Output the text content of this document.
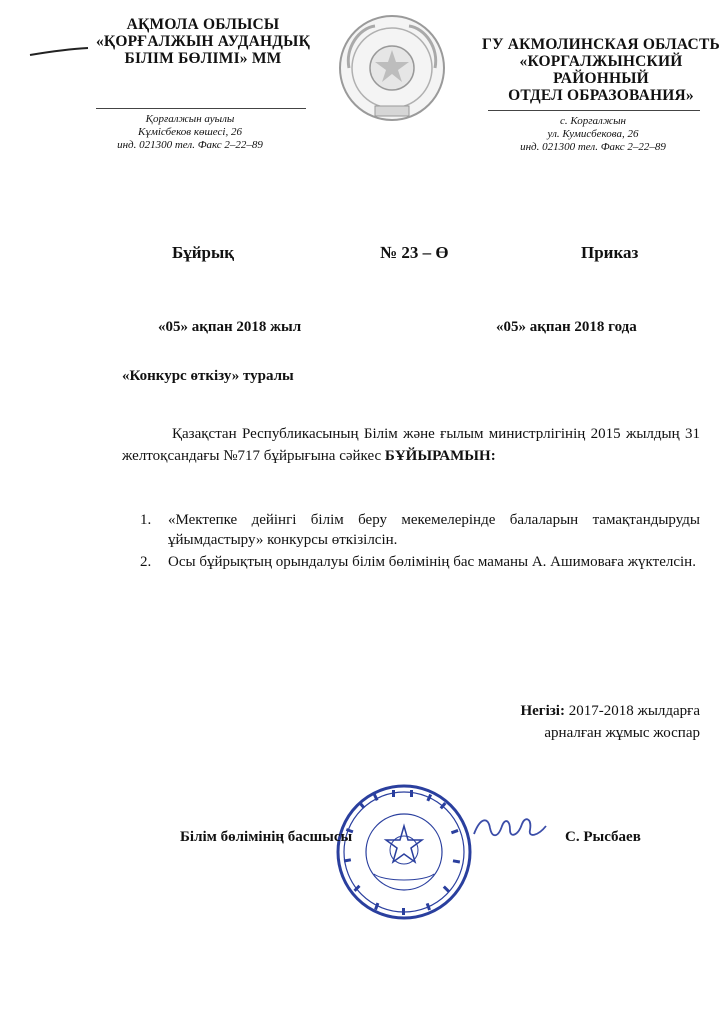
АҚМОЛА ОБЛЫСЫ
«ҚОРҒАЛЖЫН АУДАНДЫҚ
БІЛІМ БӨЛІМІ» ММ
Қорғалжын ауылы
Кұмісбеков көшесі, 26
инд. 021300 тел. Факс 2–22–89
ГУ АКМОЛИНСКАЯ ОБЛАСТЬ
«КОРГАЛЖЫНСКИЙ
РАЙОННЫЙ
ОТДЕЛ ОБРАЗОВАНИЯ»
с. Коргалжын
ул. Кумисбекова, 26
инд. 021300 тел. Факс 2–22–89
Бұйрық	№ 23 – Ө	Приказ
«05» ақпан 2018 жыл	«05» ақпан 2018 года
«Конкурс өткізу» туралы
Қазақстан Республикасының Білім және ғылым министрлігінің 2015 жылдың 31 желтоқсандағы №717 бұйрығына сәйкес БҰЙЫРАМЫН:
1.	«Мектепке дейінгі білім беру мекемелерінде балаларын тамақтандыруды ұйымдастыру» конкурсы өткізілсін.
2.	Осы бұйрықтың орындалуы білім бөлімінің бас маманы А. Ашимоваға жүктелсін.
Негізі: 2017-2018 жылдарға
арналған жұмыс жоспар
Білім бөлімінің басшысы	С. Рысбаев
